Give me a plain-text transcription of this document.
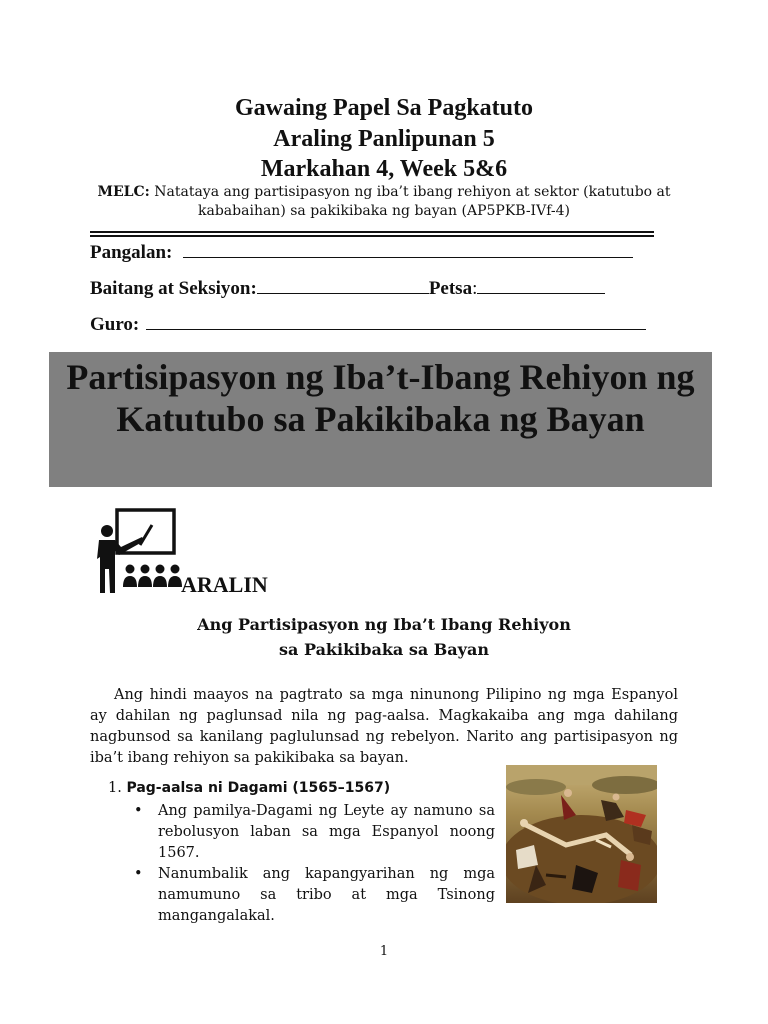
Gawaing Papel Sa Pagkatuto
Araling Panlipunan 5
Markahan 4, Week 5&6
MELC: Natataya ang partisipasyon ng iba’t ibang rehiyon at sektor (katutubo at
kababaihan) sa pakikibaka ng bayan (AP5PKB-IVf-4)
Pangalan:
Baitang at Seksiyon:	Petsa:
Guro:
Partisipasyon ng Iba’t-Ibang Rehiyon ng
Katutubo sa Pakikibaka ng Bayan
ARALIN
Ang Partisipasyon ng Iba’t Ibang Rehiyon
sa Pakikibaka sa Bayan
Ang hindi maayos na pagtrato sa mga ninunong Pilipino ng mga Espanyol ay dahilan ng paglunsad nila ng pag-aalsa. Magkakaiba ang mga dahilang nagbunsod sa kanilang paglulunsad ng rebelyon. Narito ang partisipasyon ng iba’t ibang rehiyon sa pakikibaka sa bayan.
1. Pag-aalsa ni Dagami (1565–1567)
• Ang pamilya-Dagami ng Leyte ay namuno sa rebolusyon laban sa mga Espanyol noong 1567.
• Nanumbalik ang kapangyarihan ng mga namumuno sa tribo at mga Tsinong mangangalakal.
1
